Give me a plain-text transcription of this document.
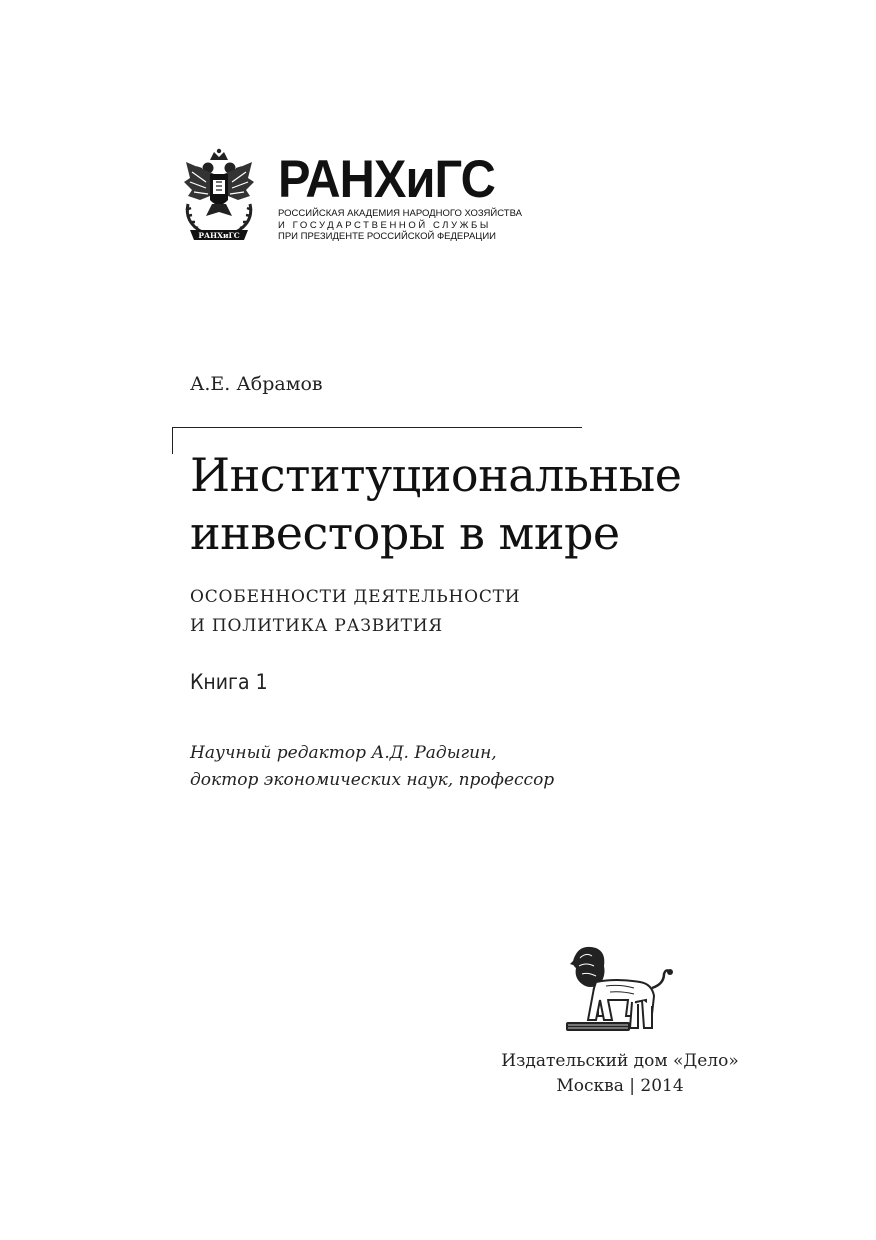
РАНХиГС
РАНХиГС
РОССИЙСКАЯ АКАДЕМИЯ НАРОДНОГО ХОЗЯЙСТВА
И ГОСУДАРСТВЕННОЙ СЛУЖБЫ
ПРИ ПРЕЗИДЕНТЕ РОССИЙСКОЙ ФЕДЕРАЦИИ
А.Е. Абрамов
Институциональные
инвесторы в мире
ОСОБЕННОСТИ ДЕЯТЕЛЬНОСТИ
И ПОЛИТИКА РАЗВИТИЯ
Книга 1
Научный редактор А.Д. Радыгин,
доктор экономических наук, профессор
Издательский дом «Дело»
Москва | 2014
